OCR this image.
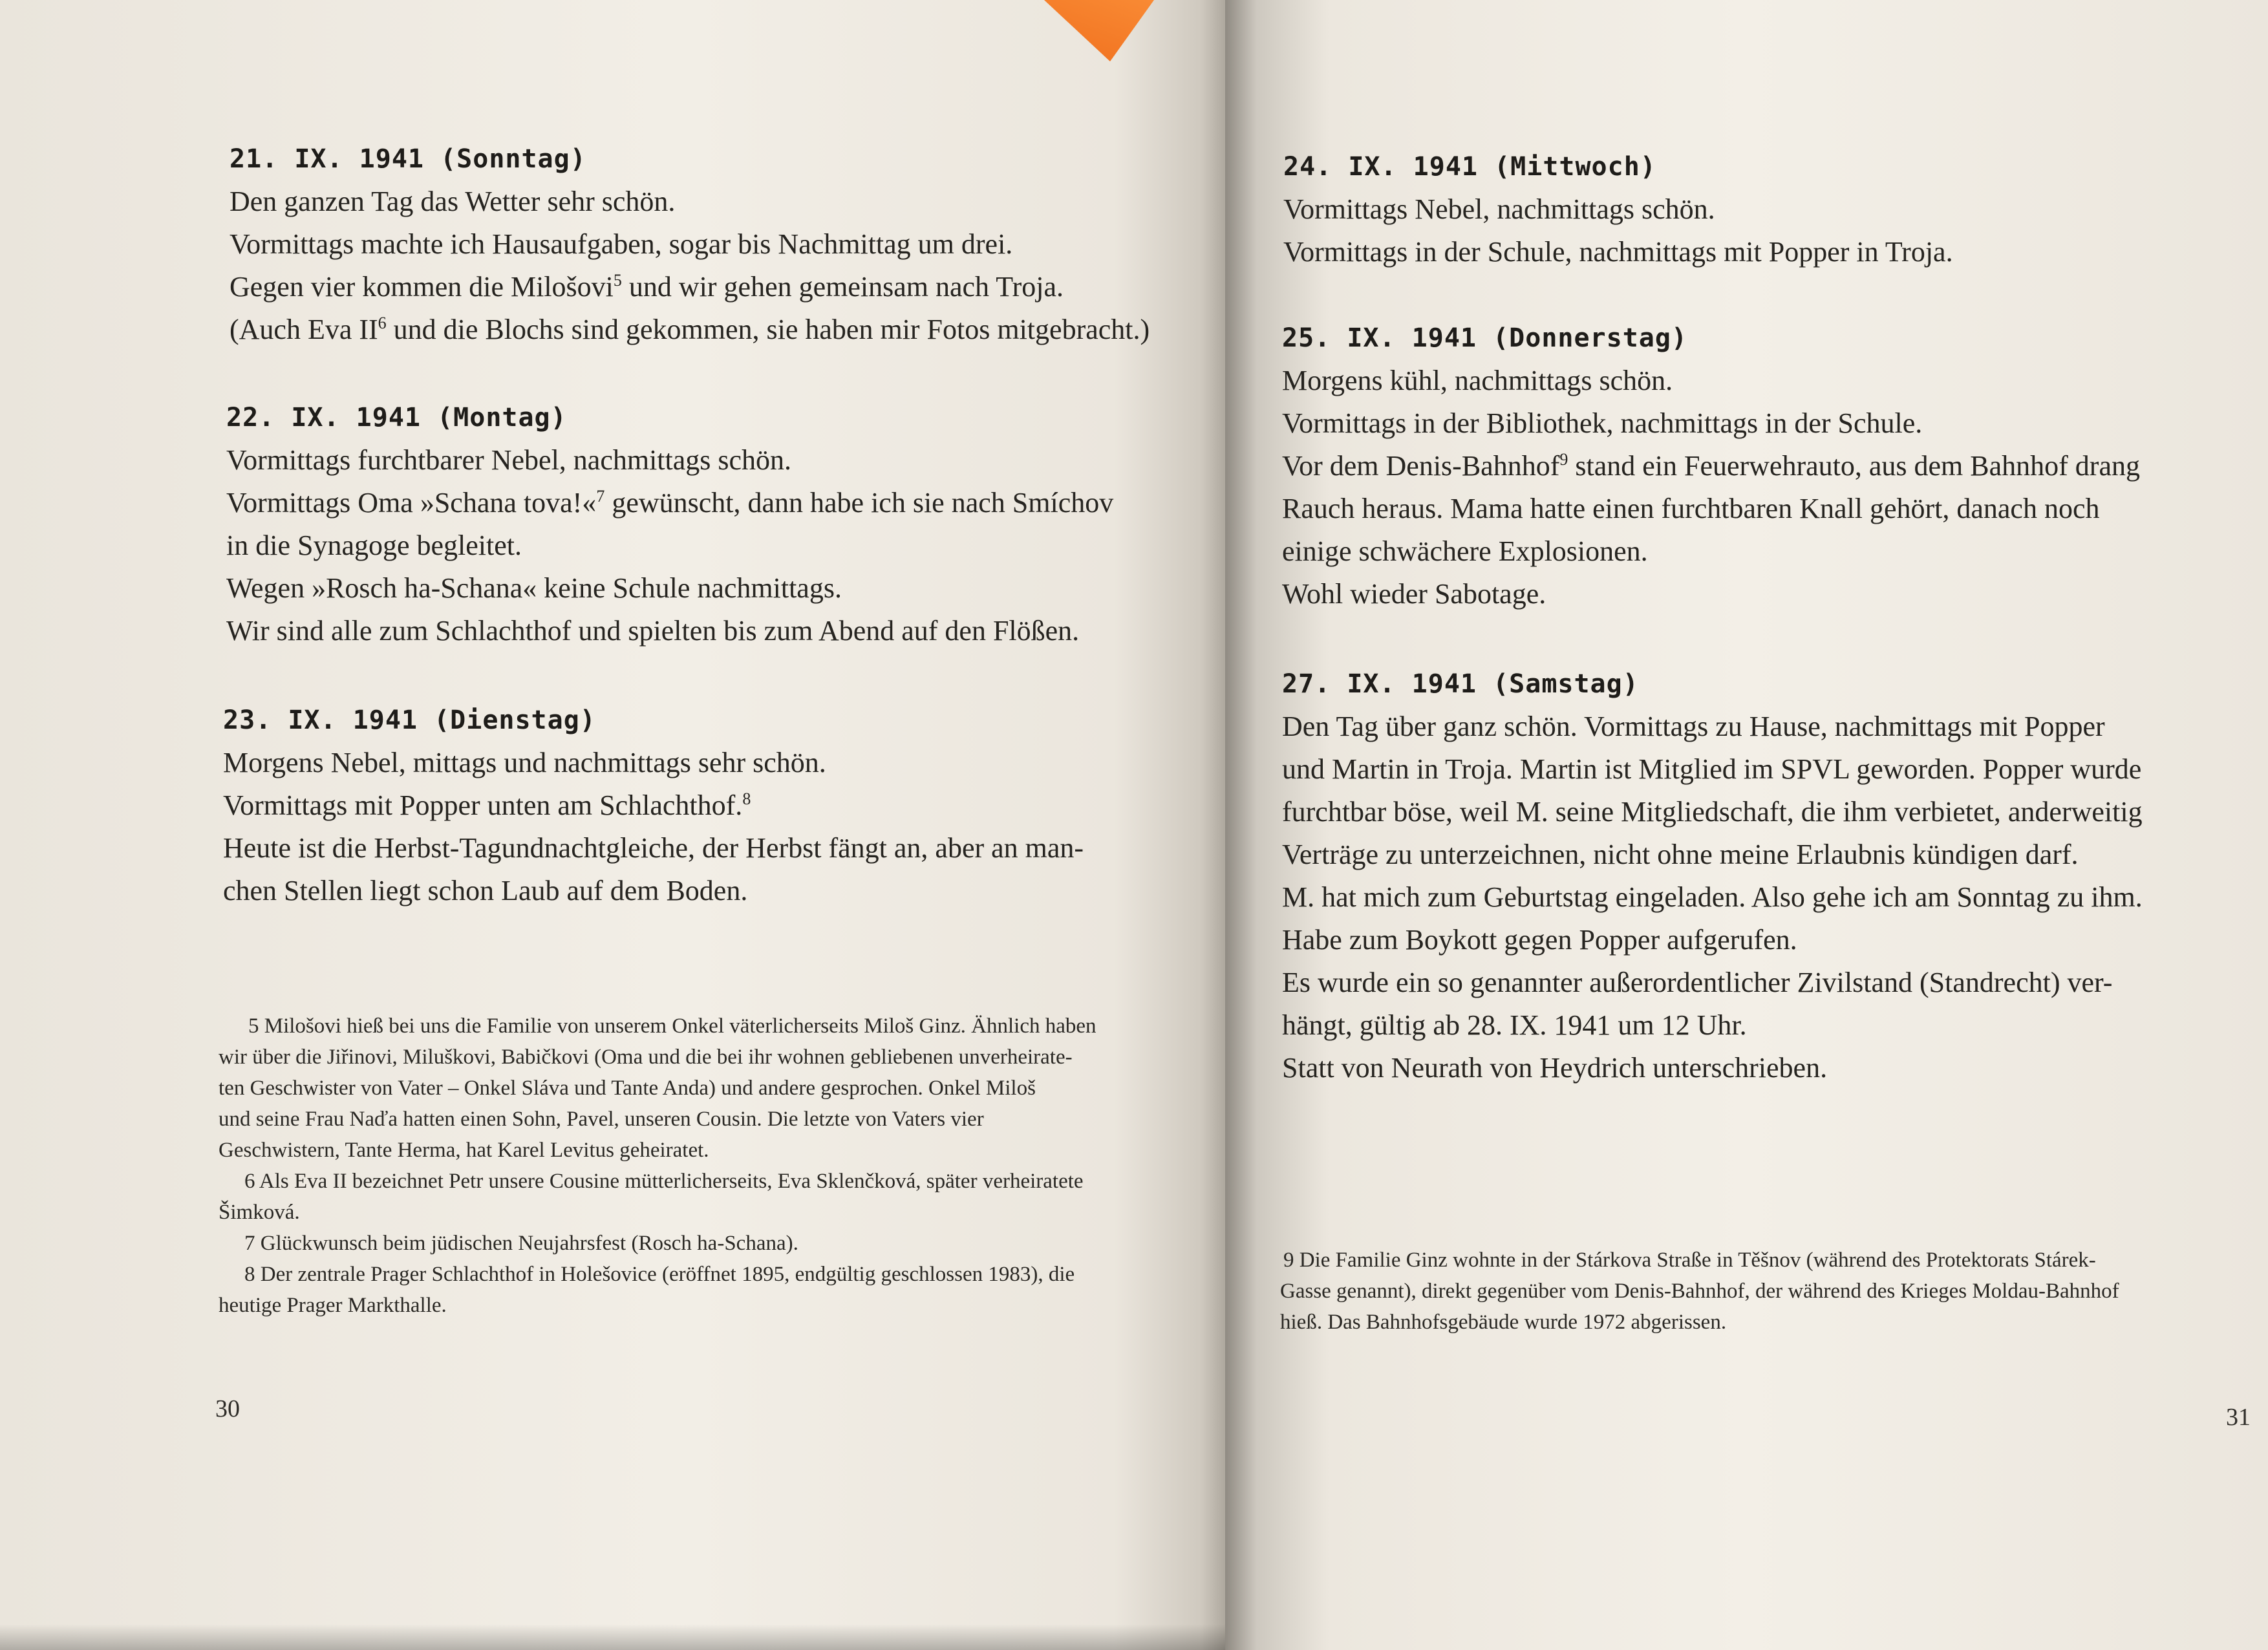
21. IX. 1941 (Sonntag)
Den ganzen Tag das Wetter sehr schön.
Vormittags machte ich Hausaufgaben, sogar bis Nachmittag um drei.
Gegen vier kommen die Milošovi$^5$ und wir gehen gemeinsam nach Troja.
(Auch Eva $II^6$ und die Blochs sind gekommen, sie haben mir Fotos mitgebracht.)
22. IX. 1941 (Montag)
Vormittags furchtbarer Nebel, nachmittags schön.
Vormittags Oma »Schana tova!«$^7$ gewünscht, dann habe ich sie nach Smíchov
in die Synagoge begleitet.
Wegen »Rosch ha-Schana« keine Schule nachmittags.
Wir sind alle zum Schlachthof und spielten bis zum Abend auf den Flößen.
23. IX. 1941 (Dienstag)
Morgens Nebel, mittags und nachmittags sehr schön.
Vormittags mit Popper unten am Schlachthof.$^8$
Heute ist die Herbst-Tagundnachtgleiche, der Herbst fängt an, aber an man-
chen Stellen liegt schon Laub auf dem Boden.
5 Milošovi hieß bei uns die Familie von unserem Onkel väterlicherseits Miloš Ginz. Ähnlich haben
wir über die Jiřinovi, Miluškovi, Babičkovi (Oma und die bei ihr wohnen gebliebenen unverheirate-
ten Geschwister von Vater – Onkel Sláva und Tante Anda) und andere gesprochen. Onkel Miloš
und seine Frau Naďa hatten einen Sohn, Pavel, unseren Cousin. Die letzte von Vaters vier
Geschwistern, Tante Herma, hat Karel Levitus geheiratet.
6 Als Eva II bezeichnet Petr unsere Cousine mütterlicherseits, Eva Sklenčková, später verheiratete
Šimková.
7 Glückwunsch beim jüdischen Neujahrsfest (Rosch ha-Schana).
8 Der zentrale Prager Schlachthof in Holešovice (eröffnet 1895, endgültig geschlossen 1983), die
heutige Prager Markthalle.
30
24. IX. 1941 (Mittwoch)
Vormittags Nebel, nachmittags schön.
Vormittags in der Schule, nachmittags mit Popper in Troja.
25. IX. 1941 (Donnerstag)
Morgens kühl, nachmittags schön.
Vormittags in der Bibliothek, nachmittags in der Schule.
Vor dem Denis-Bahnhof$^9$ stand ein Feuerwehrauto, aus dem Bahnhof drang
Rauch heraus. Mama hatte einen furchtbaren Knall gehört, danach noch
einige schwächere Explosionen.
Wohl wieder Sabotage.
27. IX. 1941 (Samstag)
Den Tag über ganz schön. Vormittags zu Hause, nachmittags mit Popper
und Martin in Troja. Martin ist Mitglied im SPVL geworden. Popper wurde
furchtbar böse, weil M. seine Mitgliedschaft, die ihm verbietet, anderweitig
Verträge zu unterzeichnen, nicht ohne meine Erlaubnis kündigen darf.
M. hat mich zum Geburtstag eingeladen. Also gehe ich am Sonntag zu ihm.
Habe zum Boykott gegen Popper aufgerufen.
Es wurde ein so genannter außerordentlicher Zivilstand (Standrecht) ver-
hängt, gültig ab 28. IX. 1941 um 12 Uhr.
Statt von Neurath von Heydrich unterschrieben.
9 Die Familie Ginz wohnte in der Stárkova Straße in Těšnov (während des Protektorats Stárek-
Gasse genannt), direkt gegenüber vom Denis-Bahnhof, der während des Krieges Moldau-Bahnhof
hieß. Das Bahnhofsgebäude wurde 1972 abgerissen.
31
